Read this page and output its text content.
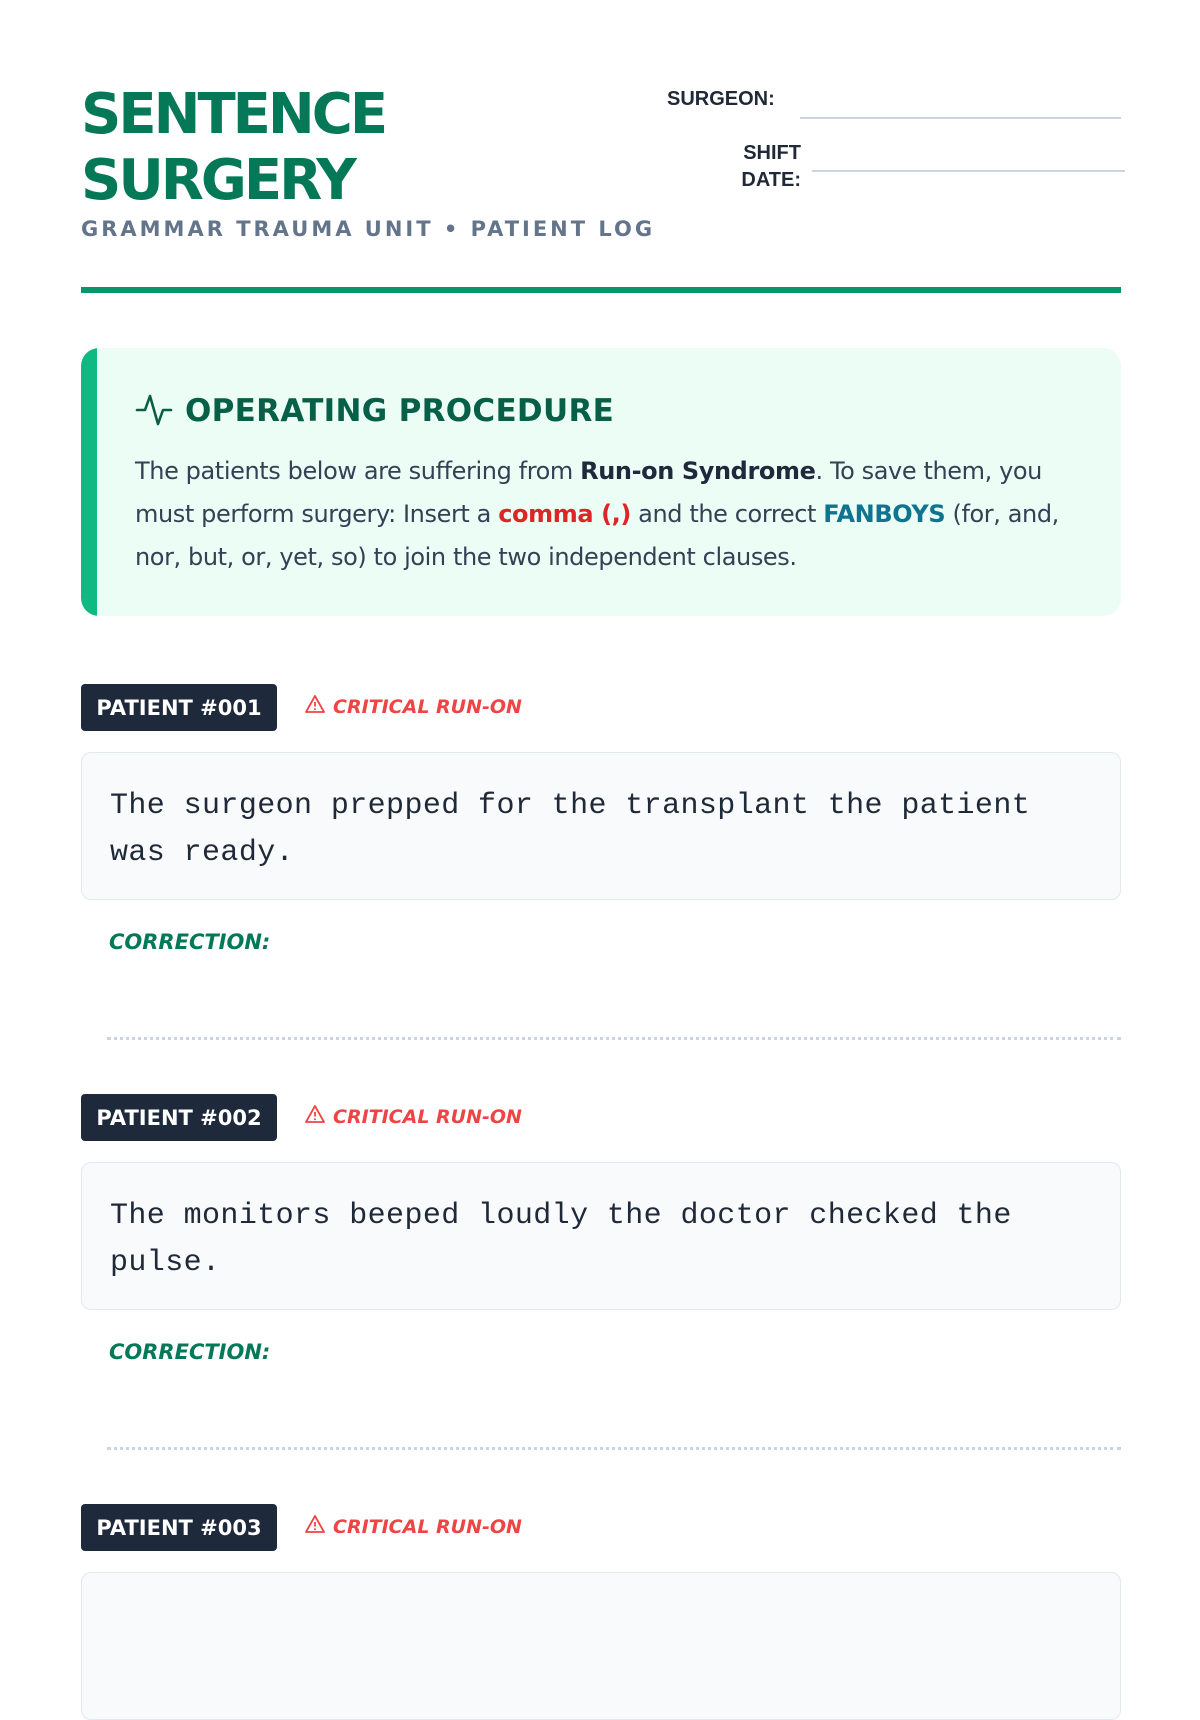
SENTENCE
SURGERY
GRAMMAR TRAUMA UNIT • PATIENT LOG
SURGEON:
SHIFT
DATE:
OPERATING PROCEDURE
The patients below are suffering from Run-on Syndrome. To save them, you must perform surgery: Insert a comma (,) and the correct FANBOYS (for, and, nor, but, or, yet, so) to join the two independent clauses.
PATIENT #001	CRITICAL RUN-ON
The surgeon prepped for the transplant the patient was ready.
CORRECTION:
PATIENT #002	CRITICAL RUN-ON
The monitors beeped loudly the doctor checked the pulse.
CORRECTION:
PATIENT #003	CRITICAL RUN-ON
